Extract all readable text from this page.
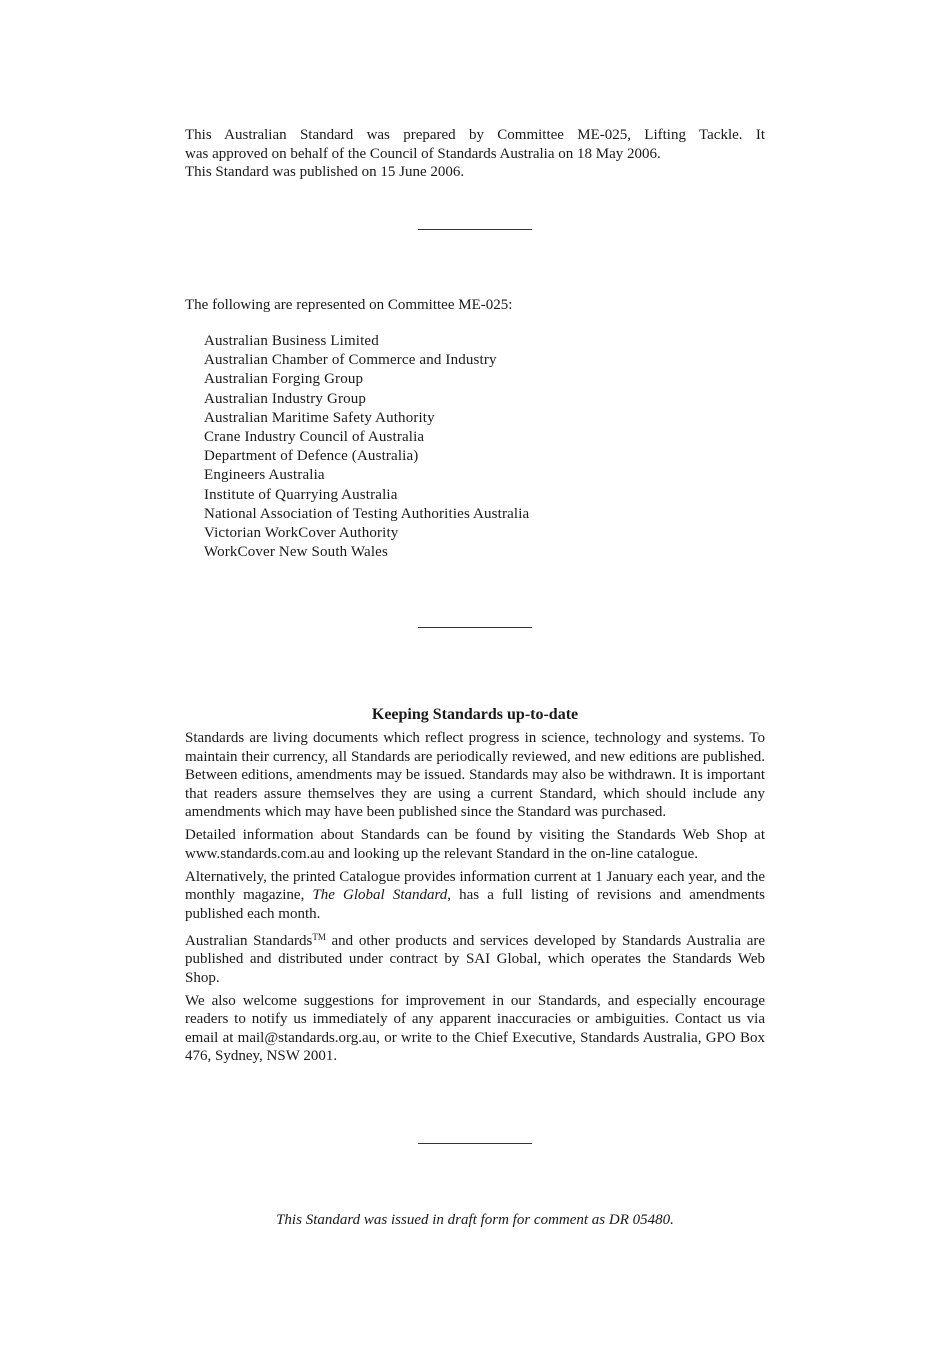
This Australian Standard was prepared by Committee ME-025, Lifting Tackle. It
was approved on behalf of the Council of Standards Australia on 18 May 2006.
This Standard was published on 15 June 2006.
The following are represented on Committee ME-025:
Australian Business Limited
Australian Chamber of Commerce and Industry
Australian Forging Group
Australian Industry Group
Australian Maritime Safety Authority
Crane Industry Council of Australia
Department of Defence (Australia)
Engineers Australia
Institute of Quarrying Australia
National Association of Testing Authorities Australia
Victorian WorkCover Authority
WorkCover New South Wales
Keeping Standards up-to-date

Standards are living documents which reflect progress in science, technology and systems. To maintain their currency, all Standards are periodically reviewed, and new editions are published. Between editions, amendments may be issued. Standards may also be withdrawn. It is important that readers assure themselves they are using a current Standard, which should include any amendments which may have been published since the Standard was purchased.

Detailed information about Standards can be found by visiting the Standards Web Shop at www.standards.com.au and looking up the relevant Standard in the on-line catalogue.

Alternatively, the printed Catalogue provides information current at 1 January each year, and the monthly magazine, The Global Standard, has a full listing of revisions and amendments published each month.

Australian Standards™ and other products and services developed by Standards Australia are published and distributed under contract by SAI Global, which operates the Standards Web Shop.

We also welcome suggestions for improvement in our Standards, and especially encourage readers to notify us immediately of any apparent inaccuracies or ambiguities. Contact us via email at mail@standards.org.au, or write to the Chief Executive, Standards Australia, GPO Box 476, Sydney, NSW 2001.

This Standard was issued in draft form for comment as DR 05480.
